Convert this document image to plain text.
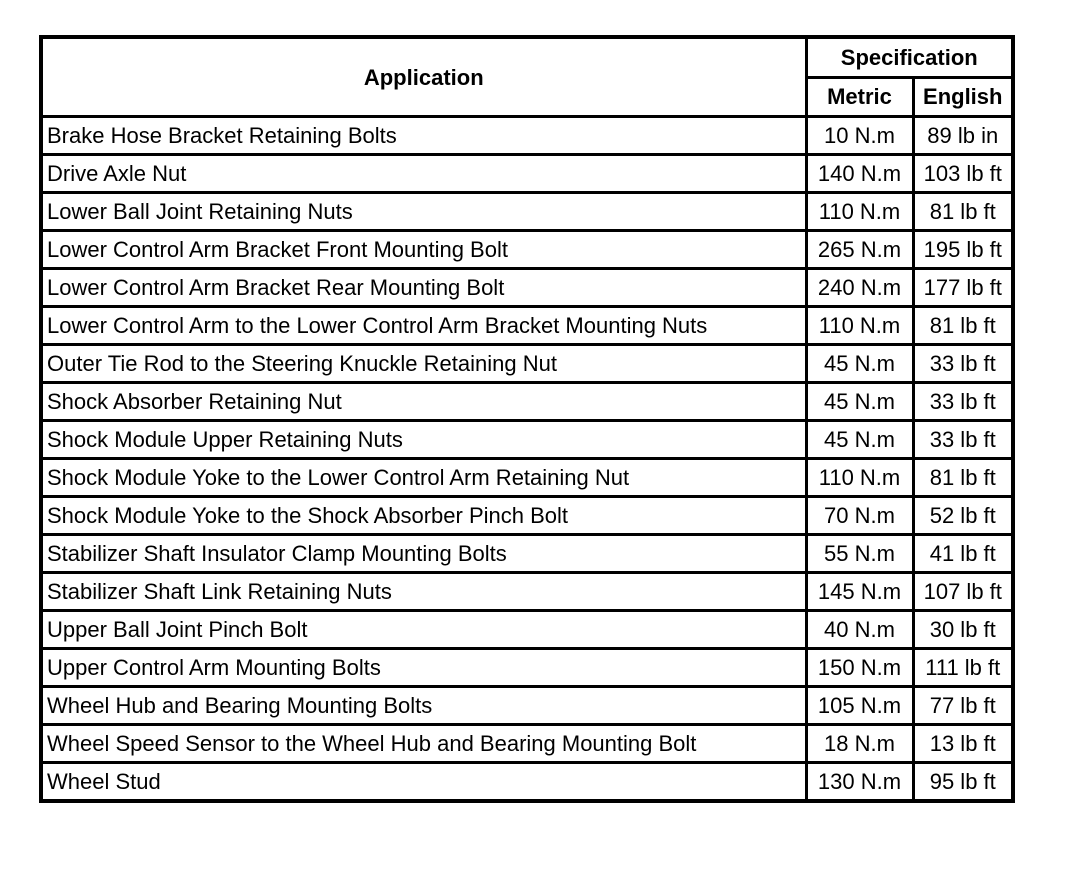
Application	Specification	
	Metric	English
Brake Hose Bracket Retaining Bolts	10 N.m	89 lb in
Drive Axle Nut	140 N.m	103 lb ft
Lower Ball Joint Retaining Nuts	110 N.m	81 lb ft
Lower Control Arm Bracket Front Mounting Bolt	265 N.m	195 lb ft
Lower Control Arm Bracket Rear Mounting Bolt	240 N.m	177 lb ft
Lower Control Arm to the Lower Control Arm Bracket Mounting Nuts	110 N.m	81 lb ft
Outer Tie Rod to the Steering Knuckle Retaining Nut	45 N.m	33 lb ft
Shock Absorber Retaining Nut	45 N.m	33 lb ft
Shock Module Upper Retaining Nuts	45 N.m	33 lb ft
Shock Module Yoke to the Lower Control Arm Retaining Nut	110 N.m	81 lb ft
Shock Module Yoke to the Shock Absorber Pinch Bolt	70 N.m	52 lb ft
Stabilizer Shaft Insulator Clamp Mounting Bolts	55 N.m	41 lb ft
Stabilizer Shaft Link Retaining Nuts	145 N.m	107 lb ft
Upper Ball Joint Pinch Bolt	40 N.m	30 lb ft
Upper Control Arm Mounting Bolts	150 N.m	111 lb ft
Wheel Hub and Bearing Mounting Bolts	105 N.m	77 lb ft
Wheel Speed Sensor to the Wheel Hub and Bearing Mounting Bolt	18 N.m	13 lb ft
Wheel Stud	130 N.m	95 lb ft
